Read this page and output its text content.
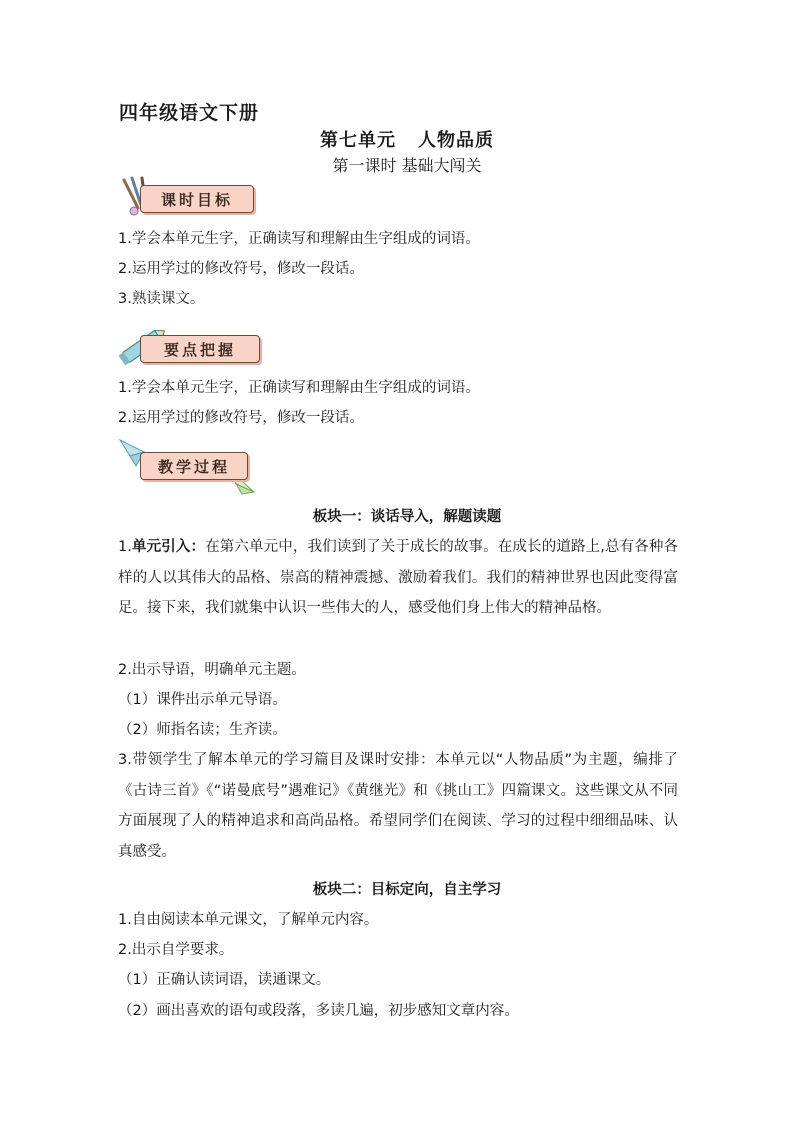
四年级语文下册
第七单元 人物品质
第一课时 基础大闯关
课时目标
1.学会本单元生字，正确读写和理解由生字组成的词语。
2.运用学过的修改符号，修改一段话。
3.熟读课文。
要点把握
1.学会本单元生字，正确读写和理解由生字组成的词语。
2.运用学过的修改符号，修改一段话。
教学过程
板块一：谈话导入，解题读题
1.单元引入：在第六单元中，我们读到了关于成长的故事。在成长的道路上,总有各种各样的人以其伟大的品格、崇高的精神震撼、激励着我们。我们的精神世界也因此变得富足。接下来，我们就集中认识一些伟大的人，感受他们身上伟大的精神品格。
2.出示导语，明确单元主题。
（1）课件出示单元导语。
（2）师指名读；生齐读。
3.带领学生了解本单元的学习篇目及课时安排：本单元以“人物品质”为主题，编排了《古诗三首》《“诺曼底号”遇难记》《黄继光》和《挑山工》四篇课文。这些课文从不同方面展现了人的精神追求和高尚品格。希望同学们在阅读、学习的过程中细细品味、认真感受。
板块二：目标定向，自主学习
1.自由阅读本单元课文，了解单元内容。
2.出示自学要求。
（1）正确认读词语，读通课文。
（2）画出喜欢的语句或段落，多读几遍，初步感知文章内容。
